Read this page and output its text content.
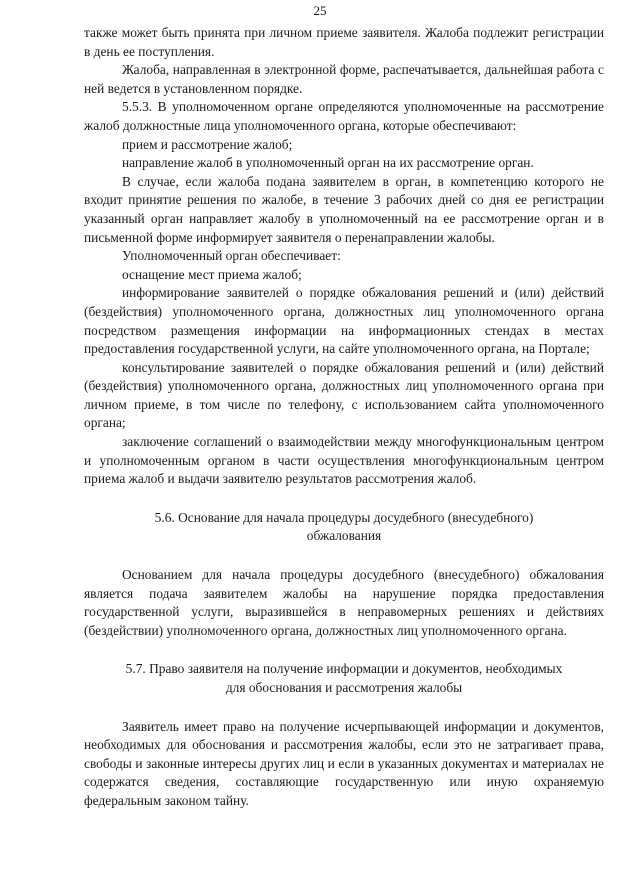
25

также может быть принята при личном приеме заявителя. Жалоба подлежит регистрации в день ее поступления.

Жалоба, направленная в электронной форме, распечатывается, дальнейшая работа с ней ведется в установленном порядке.

5.5.3. В уполномоченном органе определяются уполномоченные на рассмотрение жалоб должностные лица уполномоченного органа, которые обеспечивают:

прием и рассмотрение жалоб;

направление жалоб в уполномоченный орган на их рассмотрение орган.

В случае, если жалоба подана заявителем в орган, в компетенцию которого не входит принятие решения по жалобе, в течение 3 рабочих дней со дня ее регистрации указанный орган направляет жалобу в уполномоченный на ее рассмотрение орган и в письменной форме информирует заявителя о перенаправлении жалобы.

Уполномоченный орган обеспечивает:

оснащение мест приема жалоб;

информирование заявителей о порядке обжалования решений и (или) действий (бездействия) уполномоченного органа, должностных лиц уполномоченного органа посредством размещения информации на информационных стендах в местах предоставления государственной услуги, на сайте уполномоченного органа, на Портале;

консультирование заявителей о порядке обжалования решений и (или) действий (бездействия) уполномоченного органа, должностных лиц уполномоченного органа при личном приеме, в том числе по телефону, с использованием сайта уполномоченного органа;

заключение соглашений о взаимодействии между многофункциональным центром и уполномоченным органом в части осуществления многофункциональным центром приема жалоб и выдачи заявителю результатов рассмотрения жалоб.

5.6. Основание для начала процедуры досудебного (внесудебного)

обжалования

Основанием для начала процедуры досудебного (внесудебного) обжалования является подача заявителем жалобы на нарушение порядка предоставления государственной услуги, выразившейся в неправомерных решениях и действиях (бездействии) уполномоченного органа, должностных лиц уполномоченного органа.

5.7. Право заявителя на получение информации и документов, необходимых

для обоснования и рассмотрения жалобы

Заявитель имеет право на получение исчерпывающей информации и документов, необходимых для обоснования и рассмотрения жалобы, если это не затрагивает права, свободы и законные интересы других лиц и если в указанных документах и материалах не содержатся сведения, составляющие государственную или иную охраняемую федеральным законом тайну.
